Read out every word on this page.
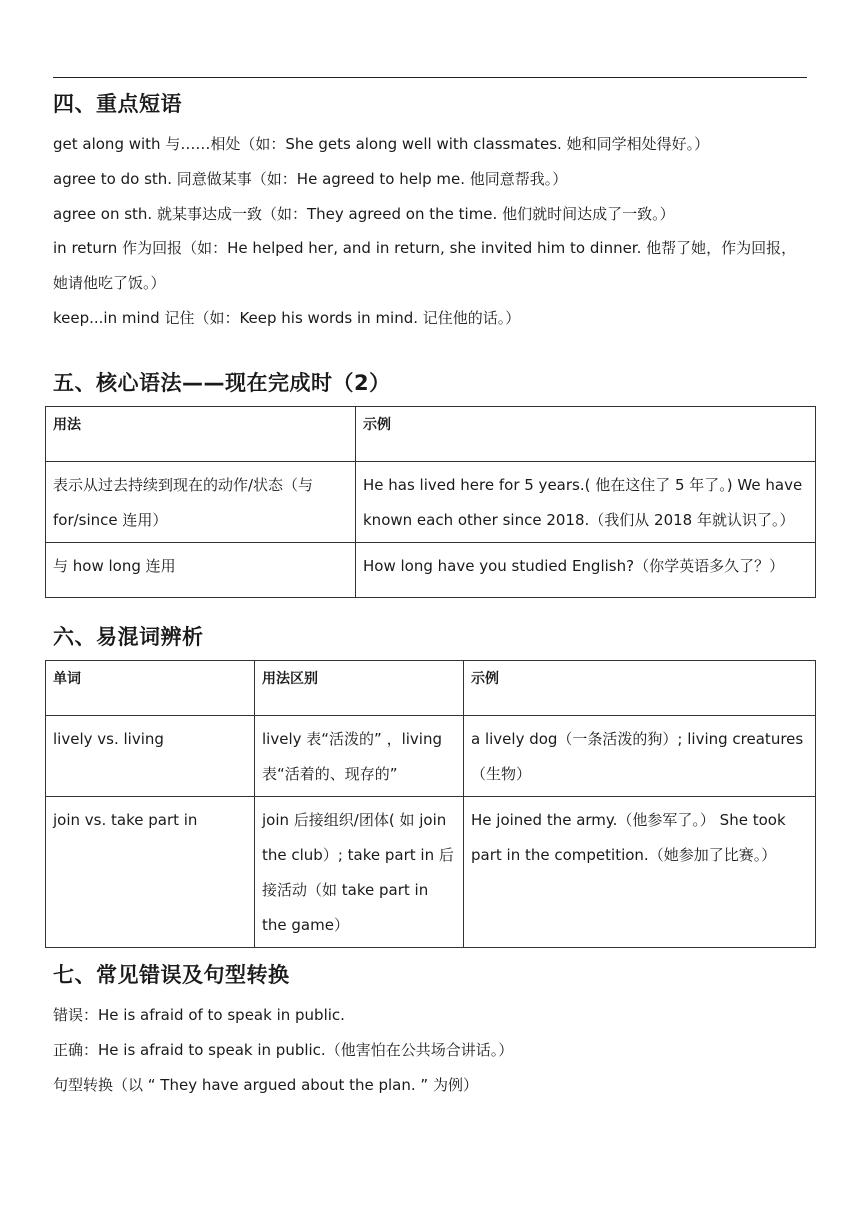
四、重点短语

get along with 与……相处（如：She gets along well with classmates. 她和同学相处得好。）

agree to do sth. 同意做某事（如：He agreed to help me. 他同意帮我。）

agree on sth. 就某事达成一致（如：They agreed on the time. 他们就时间达成了一致。）

in return 作为回报（如：He helped her, and in return, she invited him to dinner. 他帮了她，作为回报，

她请他吃了饭。）

keep...in mind 记住（如：Keep his words in mind. 记住他的话。）

五、核心语法——现在完成时（2）
用法	示例
表示从过去持续到现在的动作/状态（与 for/since 连用）	He has lived here for 5 years.( 他在这住了 5 年了。) We have known each other since 2018.（我们从 2018 年就认识了。）
与 how long 连用	How long have you studied English?（你学英语多久了？）
六、易混词辨析
单词	用法区别	示例
lively vs. living	lively 表“活泼的” ，living 表“活着的、现存的”	a lively dog（一条活泼的狗）; living creatures（生物）
join vs. take part in	join 后接组织/团体( 如 join the club）; take part in 后接活动（如 take part in the game）	He joined the army.（他参军了。） She took part in the competition.（她参加了比赛。）
七、常见错误及句型转换

错误：He is afraid of to speak in public.

正确：He is afraid to speak in public.（他害怕在公共场合讲话。）

句型转换（以 “ They have argued about the plan. ” 为例）
